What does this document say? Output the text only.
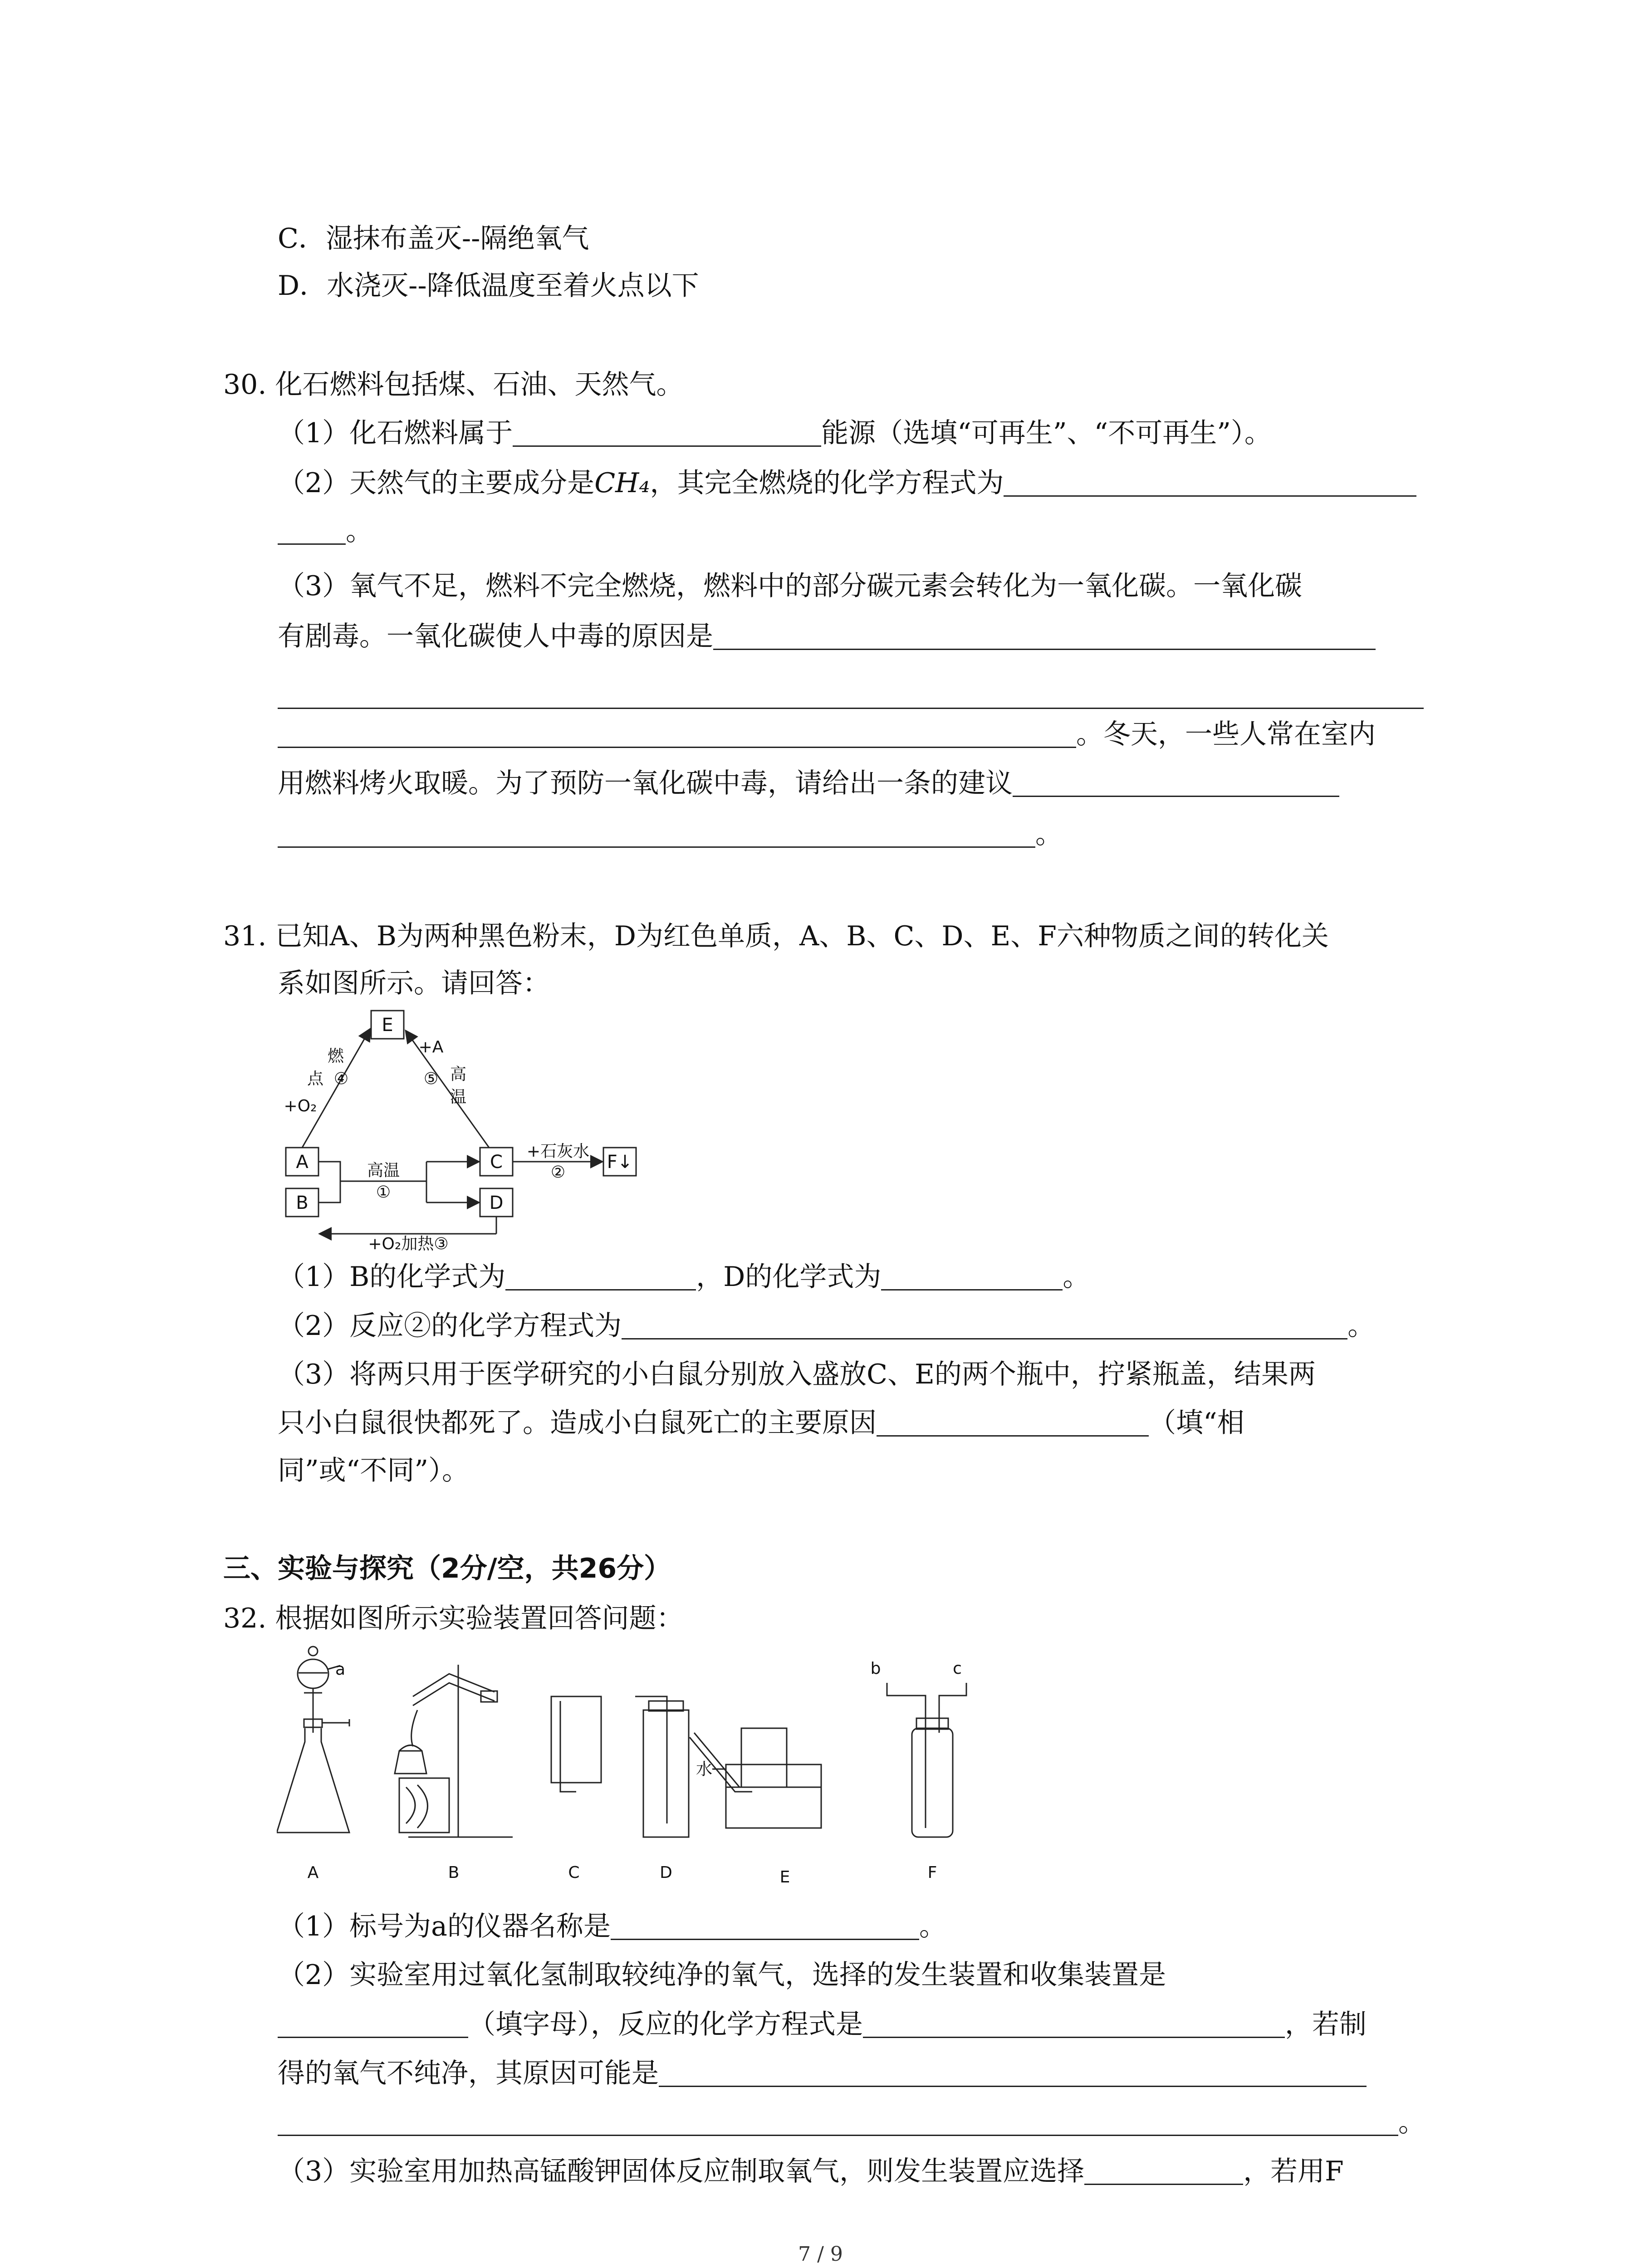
C．湿抹布盖灭--隔绝氧气
D．水浇灭--降低温度至着火点以下
30. 化石燃料包括煤、石油、天然气。
（1）化石燃料属于	能源（选填“可再生”、“不可再生”）。
（2）天然气的主要成分是CH₄，其完全燃烧的化学方程式为
。
（3）氧气不足，燃料不完全燃烧，燃料中的部分碳元素会转化为一氧化碳。一氧化碳
有剧毒。一氧化碳使人中毒的原因是
。冬天，一些人常在室内
用燃料烤火取暖。为了预防一氧化碳中毒，请给出一条的建议
。
31. 已知A、B为两种黑色粉末，D为红色单质，A、B、C、D、E、F六种物质之间的转化关
系如图所示。请回答：
E
A
B
C
D
F↓
燃
点 ④
+O₂
+A
高
⑤
温
高温
①
+石灰水
②
+O₂加热③
（1）B的化学式为	，D的化学式为	。
（2）反应②的化学方程式为	。
（3）将两只用于医学研究的小白鼠分别放入盛放C、E的两个瓶中，拧紧瓶盖，结果两
只小白鼠很快都死了。造成小白鼠死亡的主要原因	（填“相
同”或“不同”）。
三、实验与探究（2分/空，共26分）
32. 根据如图所示实验装置回答问题：
A	B	C	D	E	F
a	b	c
水
（1）标号为a的仪器名称是	。
（2）实验室用过氧化氢制取较纯净的氧气，选择的发生装置和收集装置是
（填字母），反应的化学方程式是	，若制
得的氧气不纯净，其原因可能是
。
（3）实验室用加热高锰酸钾固体反应制取氧气，则发生装置应选择	，若用F
7 / 9
